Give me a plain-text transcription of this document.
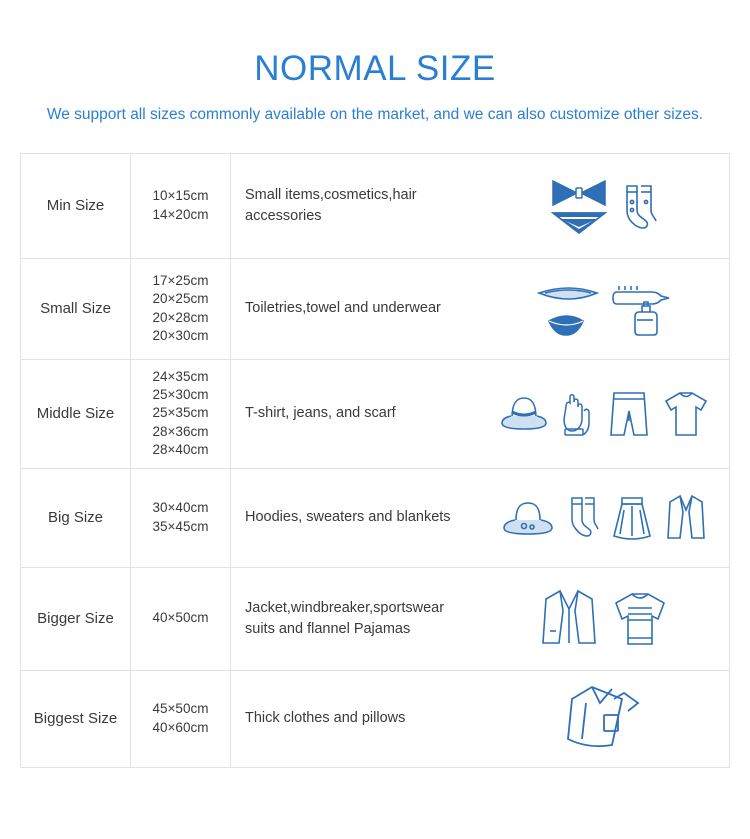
NORMAL SIZE
We support all sizes commonly available on the market, and we can also customize other sizes.
Min Size
10×15cm
14×20cm
Small items,cosmetics,hair accessories
Small Size
17×25cm
20×25cm
20×28cm
20×30cm
Toiletries,towel and underwear
Middle Size
24×35cm
25×30cm
25×35cm
28×36cm
28×40cm
T-shirt, jeans, and scarf
Big Size
30×40cm
35×45cm
Hoodies, sweaters and blankets
Bigger Size	40×50cm
Jacket,windbreaker,sportswear suits and flannel Pajamas
Biggest Size
45×50cm
40×60cm
Thick clothes and pillows
